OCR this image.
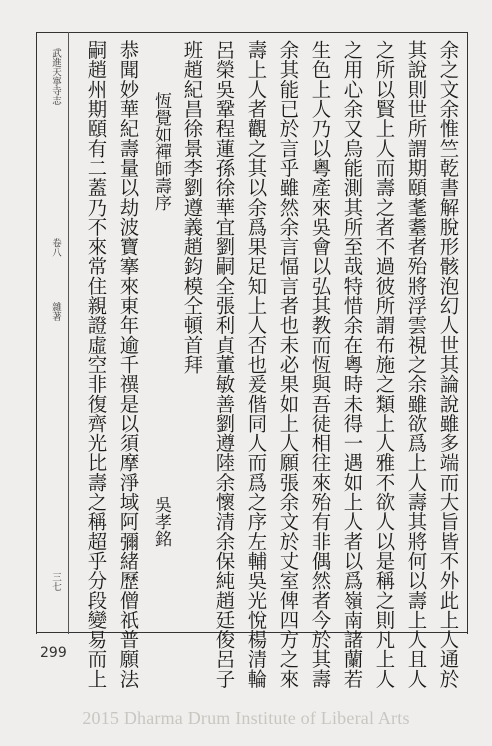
武進天寧寺志
卷八
雜著
三七	余之文余惟竺乾書解脫形骸泡幻人世其論說雖多端而大旨皆不外此上人通於
其說則世所謂期頤耄耋者殆將浮雲視之余雖欲爲上人壽其將何以壽上人且人
之所以賢上人而壽之者不過彼所謂布施之類上人雅不欲人以是稱之則凡上人
之用心余又烏能測其所至哉特惜余在粵時未得一遇如上人者以爲嶺南諸蘭若
生色上人乃以粵產來吳會以弘其教而恆與吾徒相往來殆有非偶然者今於其壽
余其能已於言乎雖然余言愊言者也未必果如上人願張余文於丈室俾四方之來
壽上人者觀之其以余爲果足知上人否也爰偕同人而爲之序左輔吳光悅楊清輪
呂榮吳鞏程蓮孫徐華宜劉嗣全張利貞董敏善劉遵陸余懷清余保純趙廷俊呂子
班趙紀昌徐景李劉遵義趙鈞模仝頓首拜
恆覺如禪師壽序
吳孝銘
恭聞妙華紀壽量以劫波寶搴來東年逾千禩是以須摩淨域阿彌緒歷僧祇普願法
嗣趙州期頤有二蓋乃不來常住親證虛空非復齊光比壽之稱超乎分段變易而上
299
2015 Dharma Drum Institute of Liberal Arts
